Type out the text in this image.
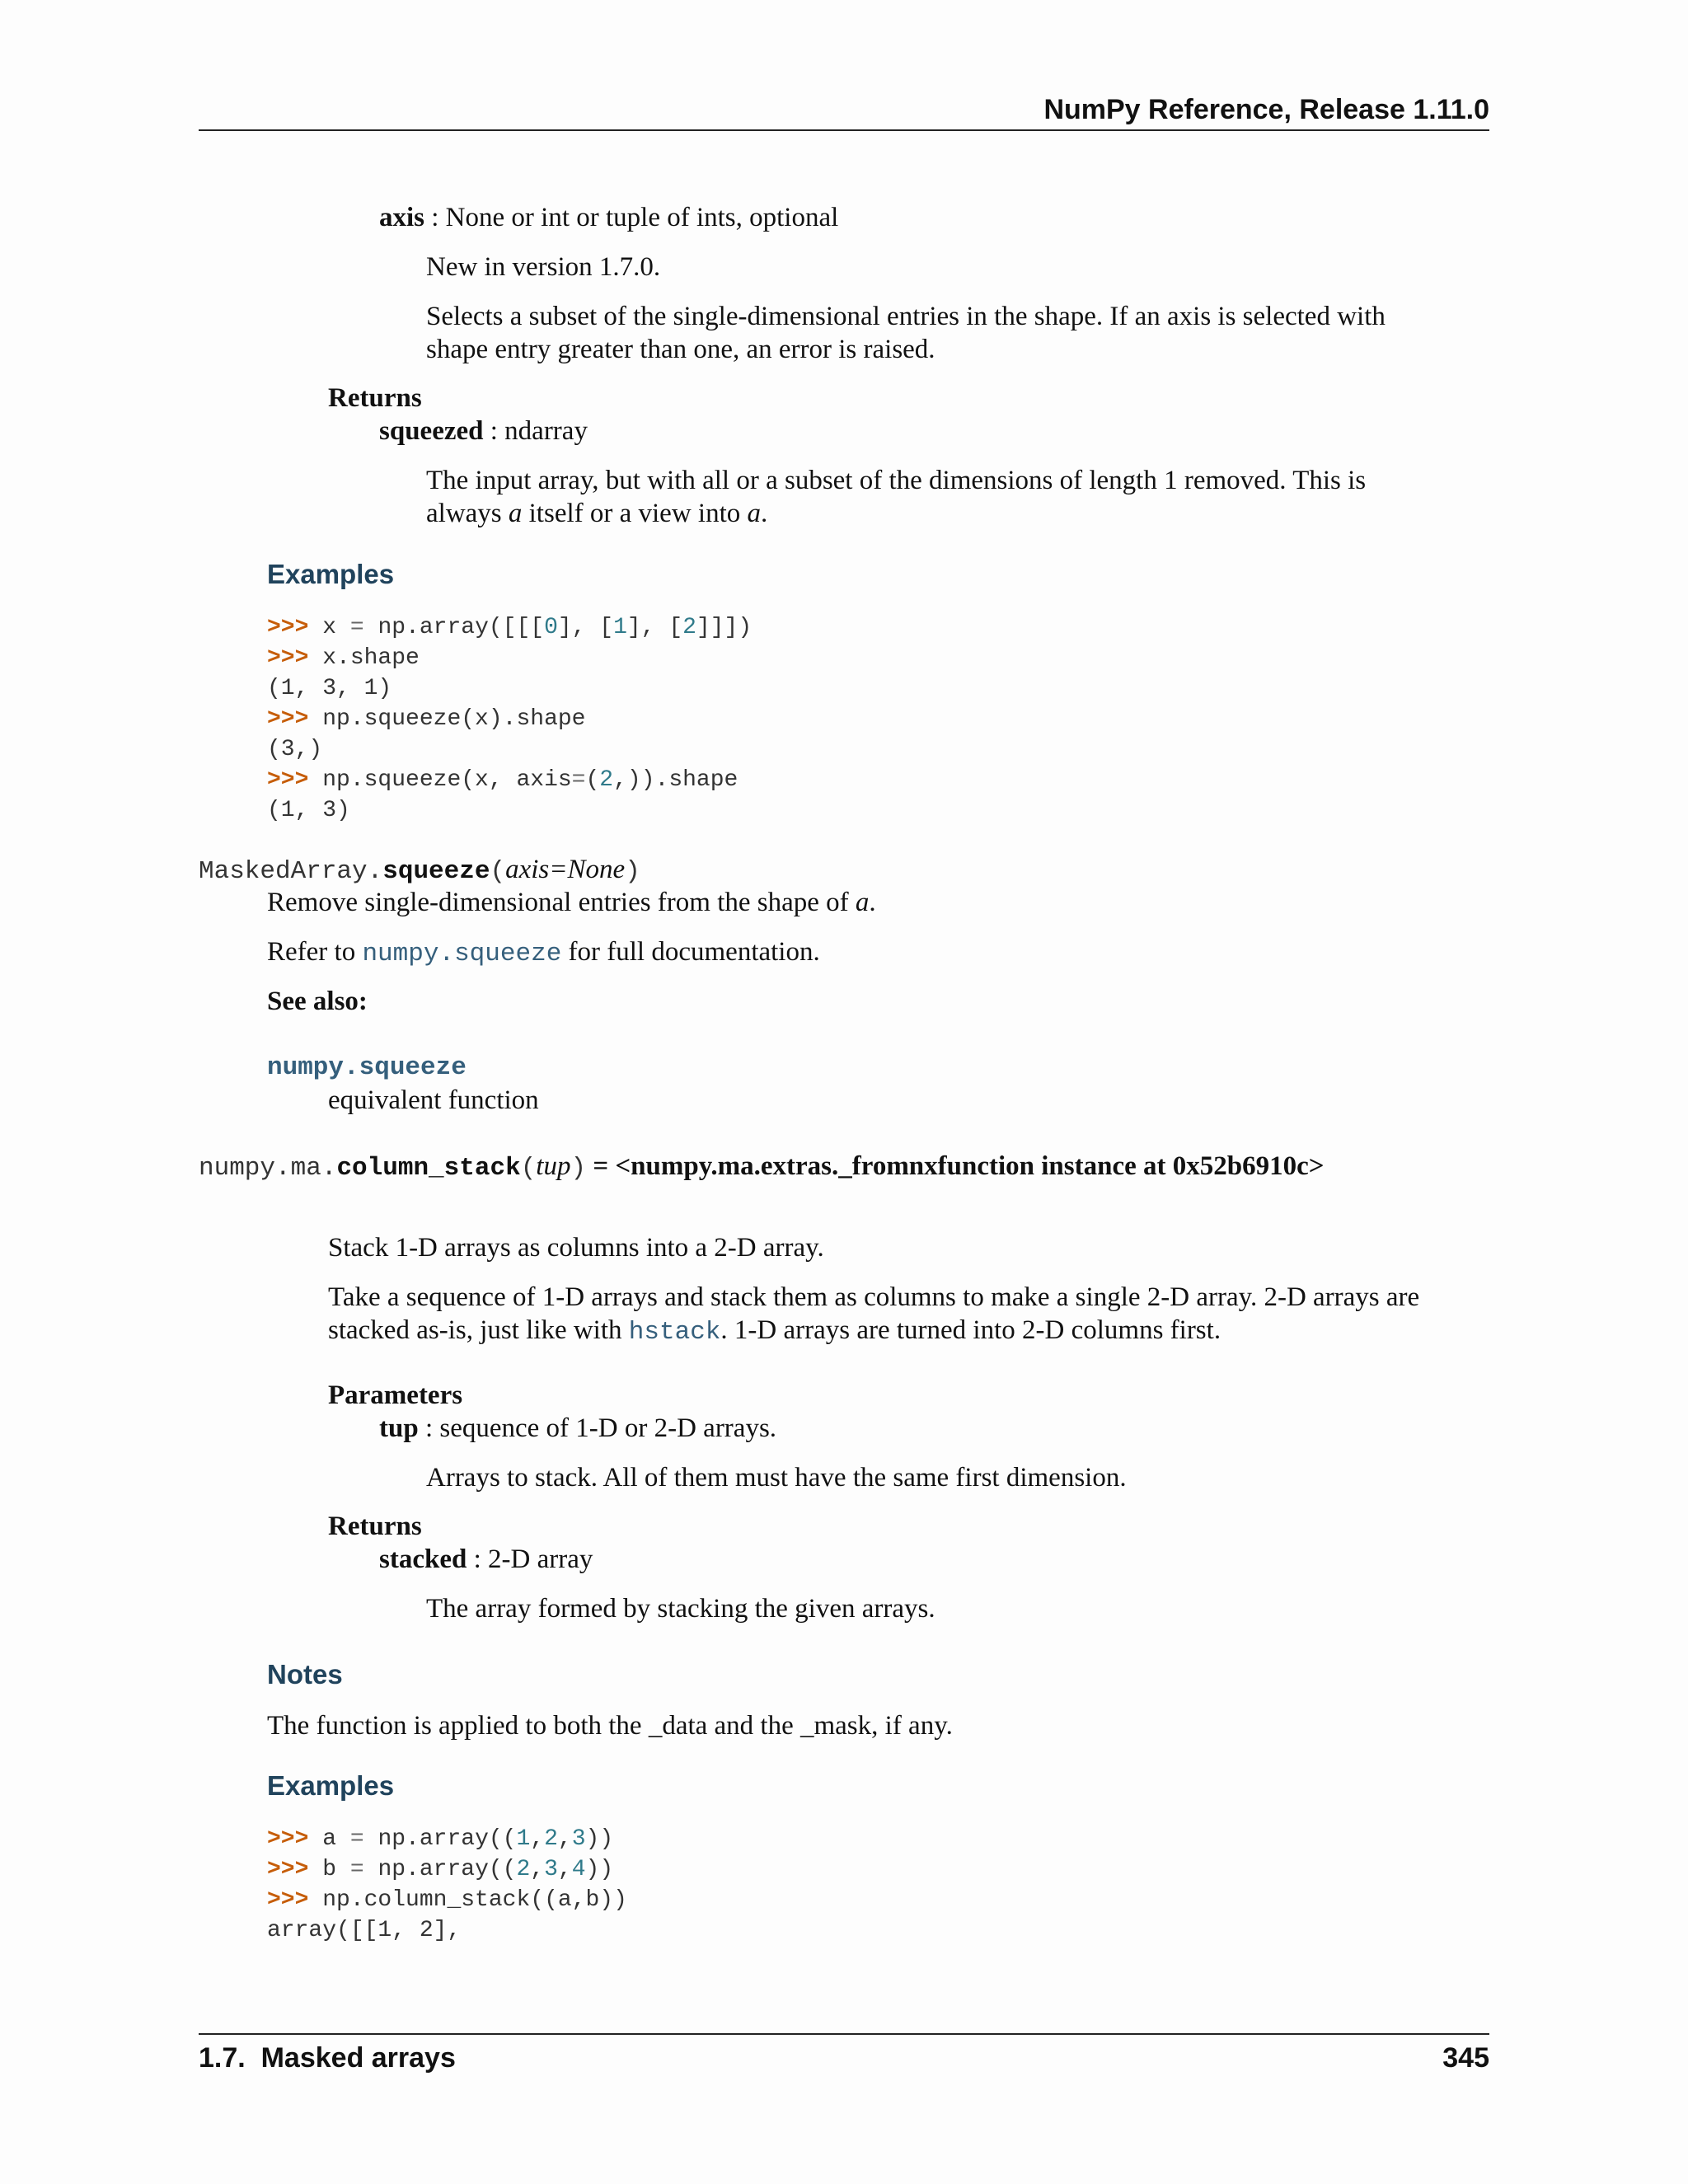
NumPy Reference, Release 1.11.0
axis : None or int or tuple of ints, optional
New in version 1.7.0.
Selects a subset of the single-dimensional entries in the shape. If an axis is selected with
shape entry greater than one, an error is raised.
Returns
squeezed : ndarray
The input array, but with all or a subset of the dimensions of length 1 removed. This is
always a itself or a view into a.
Examples
>>> x = np.array([[[0], [1], [2]]])
>>> x.shape
(1, 3, 1)
>>> np.squeeze(x).shape
(3,)
>>> np.squeeze(x, axis=(2,)).shape
(1, 3)
MaskedArray.squeeze(axis=None)
Remove single-dimensional entries from the shape of a.
Refer to numpy.squeeze for full documentation.
See also:
numpy.squeeze
equivalent function
numpy.ma.column_stack(tup) = <numpy.ma.extras._fromnxfunction instance at 0x52b6910c>
Stack 1-D arrays as columns into a 2-D array.
Take a sequence of 1-D arrays and stack them as columns to make a single 2-D array. 2-D arrays are
stacked as-is, just like with hstack. 1-D arrays are turned into 2-D columns first.
Parameters
tup : sequence of 1-D or 2-D arrays.
Arrays to stack. All of them must have the same first dimension.
Returns
stacked : 2-D array
The array formed by stacking the given arrays.
Notes
The function is applied to both the _data and the _mask, if any.
Examples
>>> a = np.array((1,2,3))
>>> b = np.array((2,3,4))
>>> np.column_stack((a,b))
array([[1, 2],
1.7.  Masked arrays	345
